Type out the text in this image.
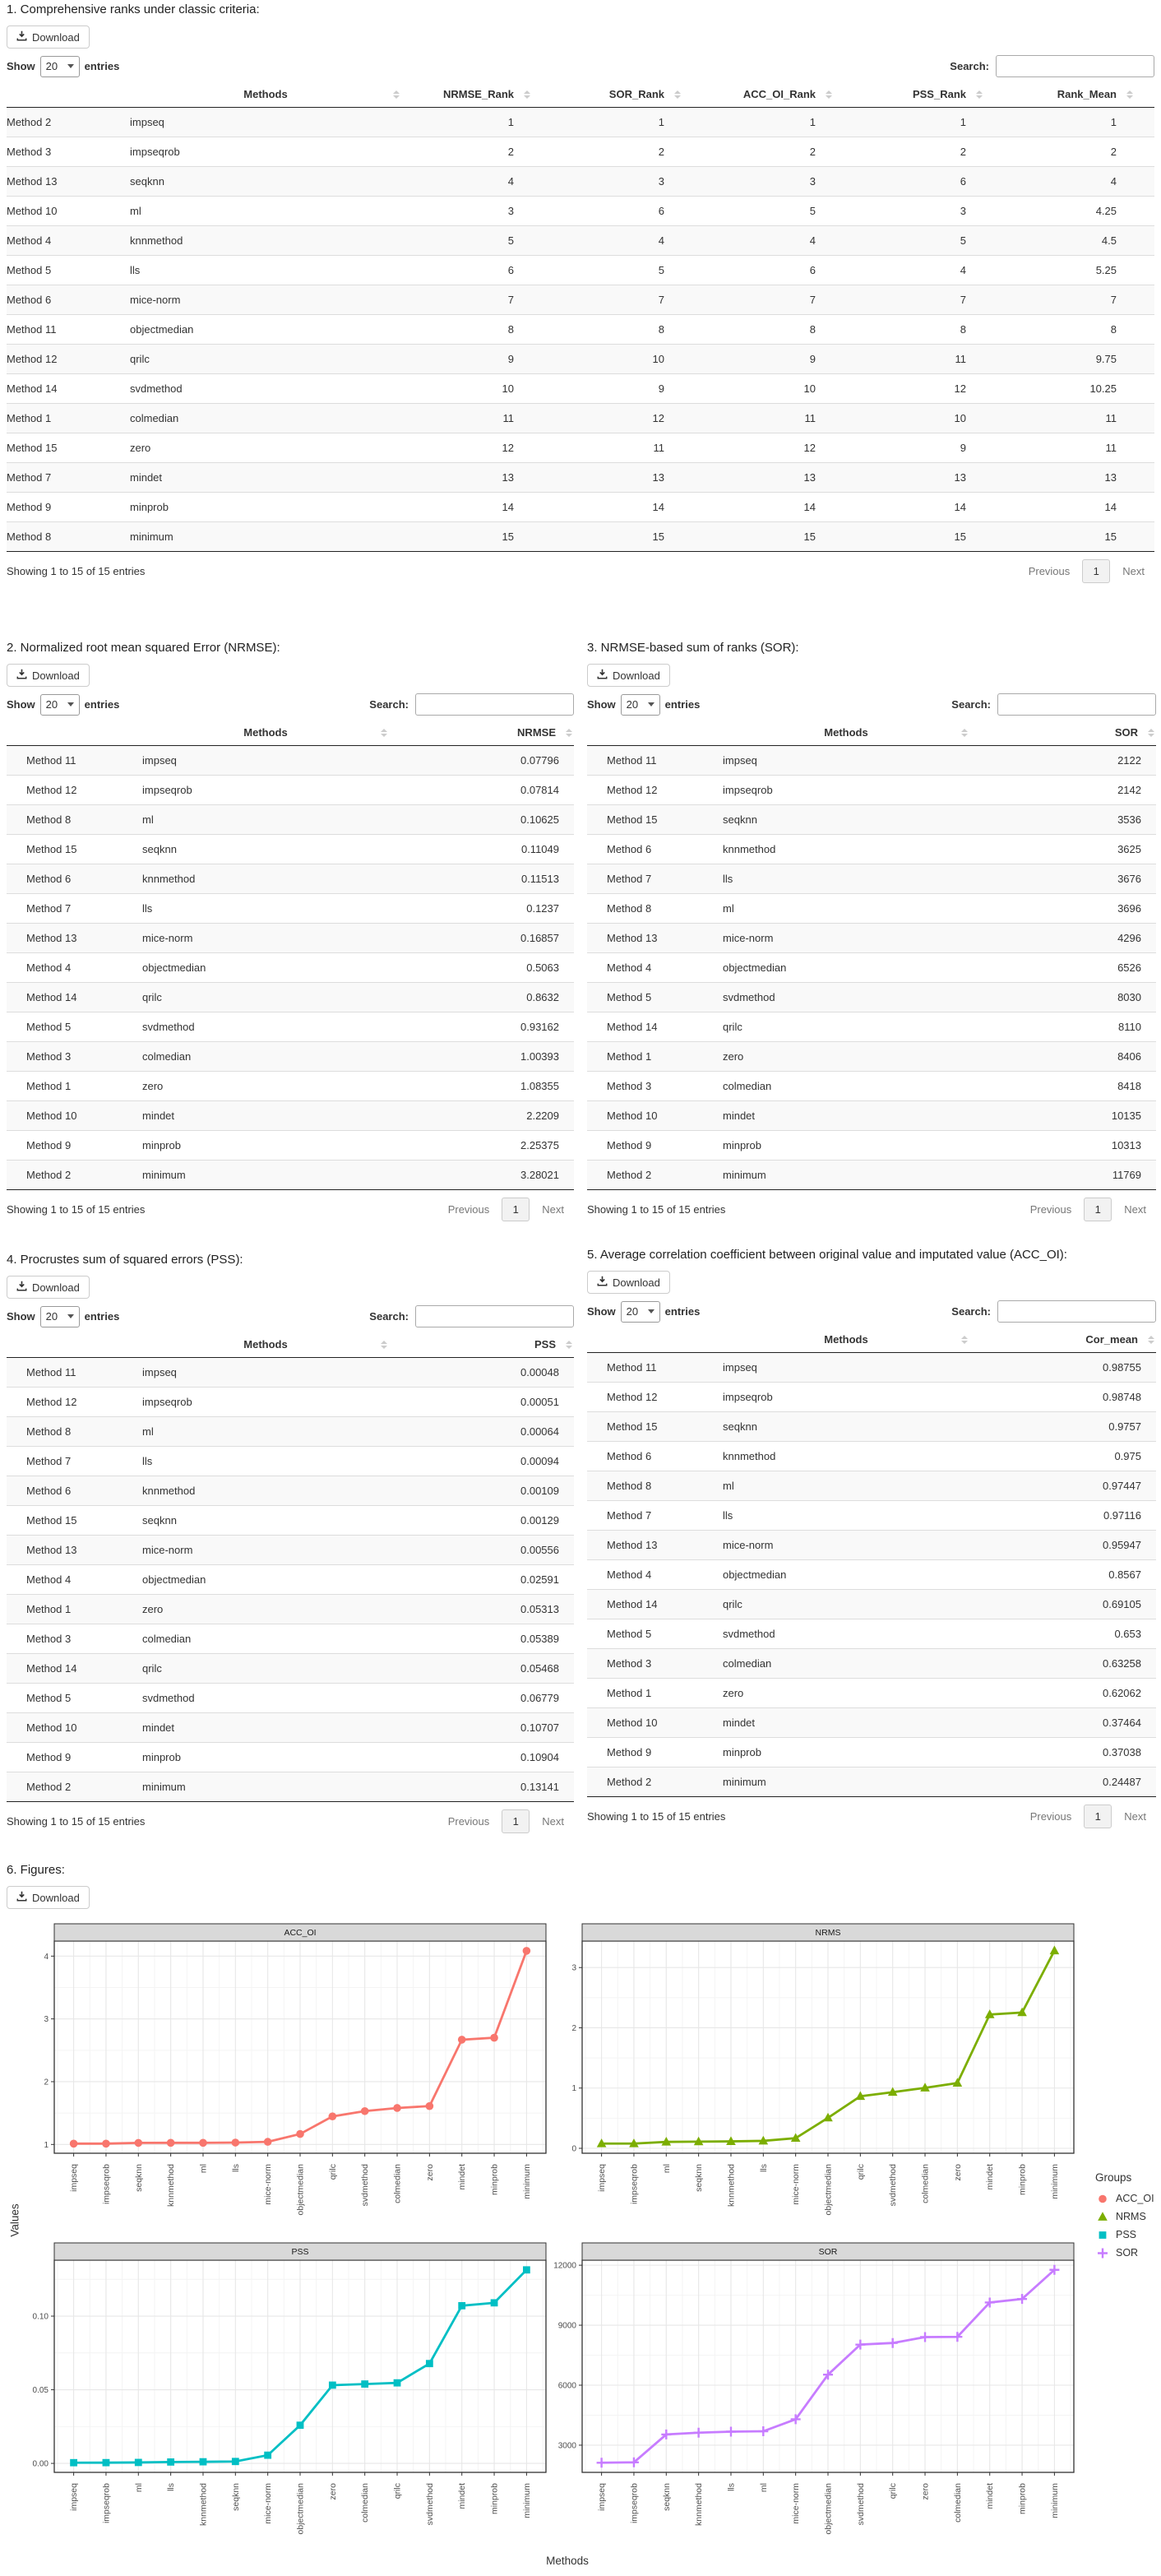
1. Comprehensive ranks under classic criteria:
Download
Show 20	entries	Search:
	Methods	NRMSE_Rank	SOR_Rank	ACC_OI_Rank	PSS_Rank	Rank_Mean

Method 2	impseq	1	1	1	1	1
Method 3	impseqrob	2	2	2	2	2
Method 13	seqknn	4	3	3	6	4
Method 10	ml	3	6	5	3	4.25
Method 4	knnmethod	5	4	4	5	4.5
Method 5	lls	6	5	6	4	5.25
Method 6	mice-norm	7	7	7	7	7
Method 11	objectmedian	8	8	8	8	8
Method 12	qrilc	9	10	9	11	9.75
Method 14	svdmethod	10	9	10	12	10.25
Method 1	colmedian	11	12	11	10	11
Method 15	zero	12	11	12	9	11
Method 7	mindet	13	13	13	13	13
Method 9	minprob	14	14	14	14	14
Method 8	minimum	15	15	15	15	15
Showing 1 to 15 of 15 entries	Previous	1	Next
2. Normalized root mean squared Error (NRMSE):
Download
Show 20	entries	Search:
	Methods	NRMSE

Method 11	impseq	0.07796
Method 12	impseqrob	0.07814
Method 8	ml	0.10625
Method 15	seqknn	0.11049
Method 6	knnmethod	0.11513
Method 7	lls	0.1237
Method 13	mice-norm	0.16857
Method 4	objectmedian	0.5063
Method 14	qrilc	0.8632
Method 5	svdmethod	0.93162
Method 3	colmedian	1.00393
Method 1	zero	1.08355
Method 10	mindet	2.2209
Method 9	minprob	2.25375
Method 2	minimum	3.28021
Showing 1 to 15 of 15 entries	Previous	1	Next
3. NRMSE-based sum of ranks (SOR):
Download
Show 20	entries	Search:
	Methods	SOR

Method 11	impseq	2122
Method 12	impseqrob	2142
Method 15	seqknn	3536
Method 6	knnmethod	3625
Method 7	lls	3676
Method 8	ml	3696
Method 13	mice-norm	4296
Method 4	objectmedian	6526
Method 5	svdmethod	8030
Method 14	qrilc	8110
Method 1	zero	8406
Method 3	colmedian	8418
Method 10	mindet	10135
Method 9	minprob	10313
Method 2	minimum	11769
Showing 1 to 15 of 15 entries	Previous	1	Next
4. Procrustes sum of squared errors (PSS):
Download
Show 20	entries	Search:
	Methods	PSS

Method 11	impseq	0.00048
Method 12	impseqrob	0.00051
Method 8	ml	0.00064
Method 7	lls	0.00094
Method 6	knnmethod	0.00109
Method 15	seqknn	0.00129
Method 13	mice-norm	0.00556
Method 4	objectmedian	0.02591
Method 1	zero	0.05313
Method 3	colmedian	0.05389
Method 14	qrilc	0.05468
Method 5	svdmethod	0.06779
Method 10	mindet	0.10707
Method 9	minprob	0.10904
Method 2	minimum	0.13141
Showing 1 to 15 of 15 entries	Previous	1	Next
5. Average correlation coefficient between original value and imputated value (ACC_OI):
Download
Show 20	entries	Search:
	Methods	Cor_mean

Method 11	impseq	0.98755
Method 12	impseqrob	0.98748
Method 15	seqknn	0.9757
Method 6	knnmethod	0.975
Method 8	ml	0.97447
Method 7	lls	0.97116
Method 13	mice-norm	0.95947
Method 4	objectmedian	0.8567
Method 14	qrilc	0.69105
Method 5	svdmethod	0.653
Method 3	colmedian	0.63258
Method 1	zero	0.62062
Method 10	mindet	0.37464
Method 9	minprob	0.37038
Method 2	minimum	0.24487
Showing 1 to 15 of 15 entries	Previous	1	Next
6. Figures:
Download
1
2
3
4
impseq	impseqrob	seqknn	knnmethod	ml	lls	mice-norm	objectmedian	qrilc	svdmethod	colmedian	zero	mindet	minprob	minimum
ACC_OI
0
1
2
3
impseq	impseqrob	ml	seqknn	knnmethod	lls	mice-norm	objectmedian	qrilc	svdmethod	colmedian	zero	mindet	minprob	minimum
NRMS
0.00
0.05
0.10
impseq	impseqrob	ml	lls	knnmethod	seqknn	mice-norm	objectmedian	zero	colmedian	qrilc	svdmethod	mindet	minprob	minimum
PSS
3000
6000
9000
12000
impseq	impseqrob	seqknn	knnmethod	lls	ml	mice-norm	objectmedian	svdmethod	qrilc	zero	colmedian	mindet	minprob	minimum
SOR
Values
Methods
Groups
ACC_OI
NRMS
PSS
SOR
